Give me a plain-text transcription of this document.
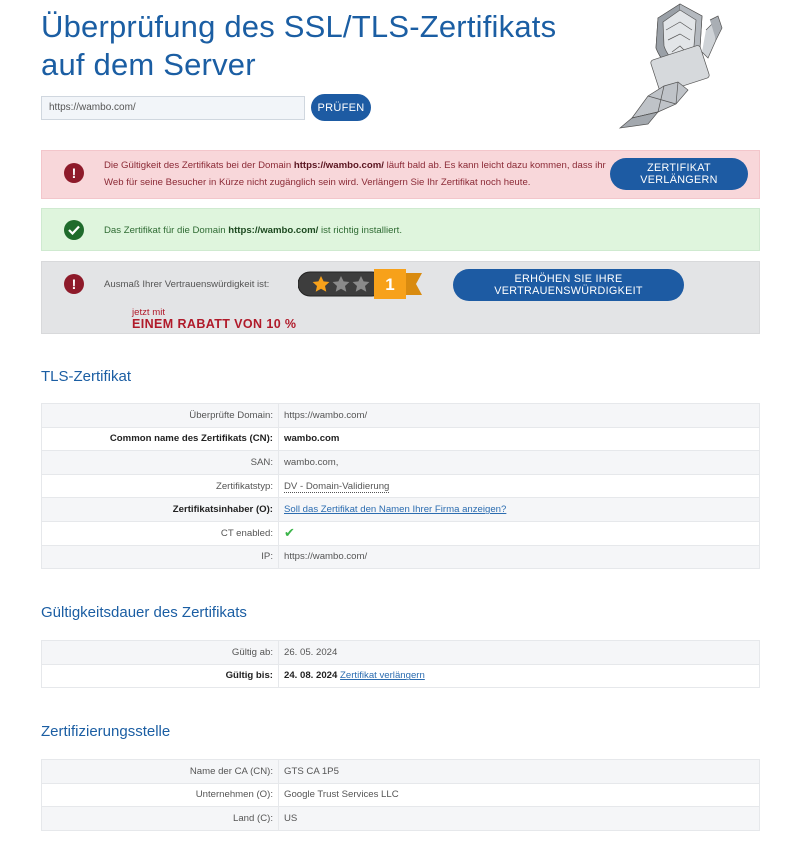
Überprüfung des SSL/TLS-Zertifikats auf dem Server
https://wambo.com/
PRÜFEN
!	Die Gültigkeit des Zertifikats bei der Domain https://wambo.com/ läuft bald ab. Es kann leicht dazu kommen, dass ihr Web für seine Besucher in Kürze nicht zugänglich sein wird. Verlängern Sie Ihr Zertifikat noch heute.
ZERTIFIKAT VERLÄNGERN
Das Zertifikat für die Domain https://wambo.com/ ist richtig installiert.
!	Ausmaß Ihrer Vertrauenswürdigkeit ist:	1	ERHÖHEN SIE IHRE VERTRAUENSWÜRDIGKEIT
jetzt mit
EINEM RABATT VON 10 %
TLS-Zertifikat
Überprüfte Domain:	https://wambo.com/
Common name des Zertifikats (CN):	wambo.com
SAN:	wambo.com,
Zertifikatstyp:	DV - Domain-Validierung
Zertifikatsinhaber (O):	Soll das Zertifikat den Namen Ihrer Firma anzeigen?
CT enabled:	✔
IP:	https://wambo.com/
Gültigkeitsdauer des Zertifikats
Gültig ab:	26. 05. 2024
Gültig bis:	24. 08. 2024 Zertifikat verlängern
Zertifizierungsstelle
Name der CA (CN):	GTS CA 1P5
Unternehmen (O):	Google Trust Services LLC
Land (C):	US
